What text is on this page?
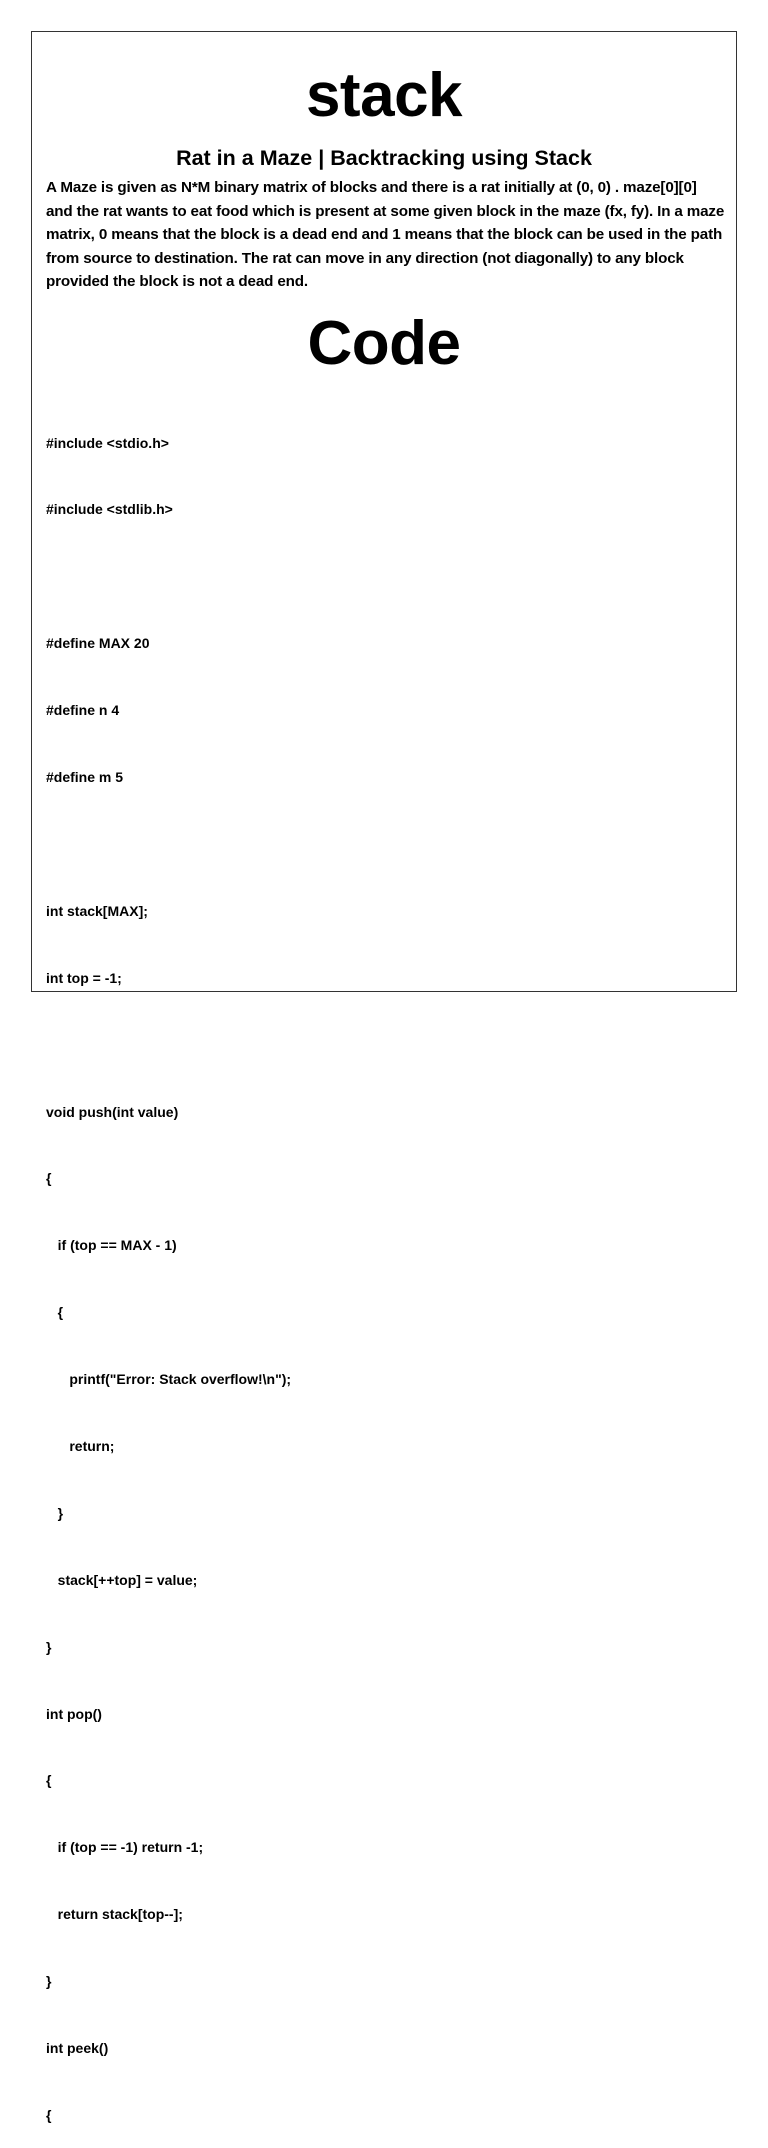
stack
Rat in a Maze | Backtracking using Stack

A Maze is given as N*M binary matrix of blocks and there is a rat initially at (0, 0) . maze[0][0] and the rat wants to eat food which is present at some given block in the maze (fx, fy). In a maze matrix, 0 means that the block is a dead end and 1 means that the block can be used in the path from source to destination. The rat can move in any direction (not diagonally) to any block provided the block is not a dead end.

Code

#include <stdio.h>

#include <stdlib.h>

#define MAX 20

#define n 4

#define m 5

int stack[MAX];

int top = -1;

void push(int value)

{

if (top == MAX - 1)

{

printf("Error: Stack overflow!\n");

return;

}

stack[++top] = value;

}

int pop()

{

if (top == -1) return -1;

return stack[top--];

}

int peek()

{
